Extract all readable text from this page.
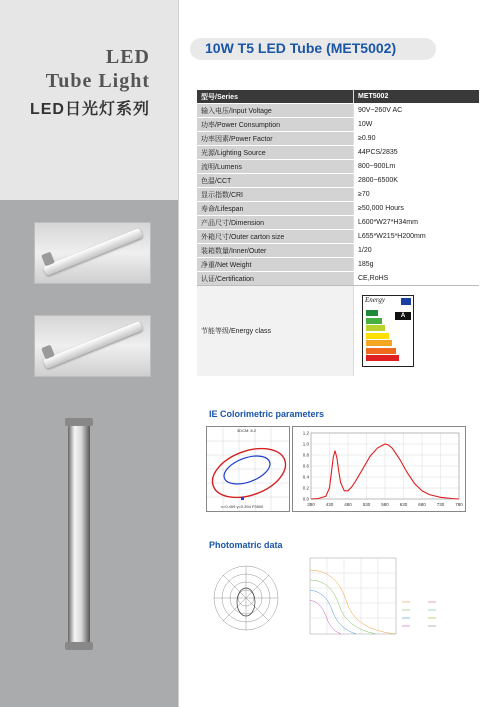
LED
Tube Light
LED日光灯系列
10W T5 LED Tube (MET5002)
型号/Series	MET5002
输入电压/Input Voltage	90V~260V AC
功率/Power Consumption	10W
功率因素/Power Factor	≥0.90
光源/Lighting Source	44PCS/2835
流明/Lumens	800~900Lm
色温/CCT	2800~6500K
显示指数/CRI	≥70
寿命/Lifespan	≥50,000 Hours
产品尺寸/Dimension	L600*W27*H34mm
外箱尺寸/Outer carton size	L655*W215*H200mm
装箱数量/Inner/Outer	1/20
净重/Net Weight	185g
认证/Certification	CE,RoHS
节能等级/Energy class	Energy
A
IE Colorimetric parameters
3DCM: 8.2
x=0.409 y=0.394 F3500
0.0
0.2
0.4
0.6
0.8
1.0
1.2
380 430 480 530 580 630 680 730 780
Photomatric data
